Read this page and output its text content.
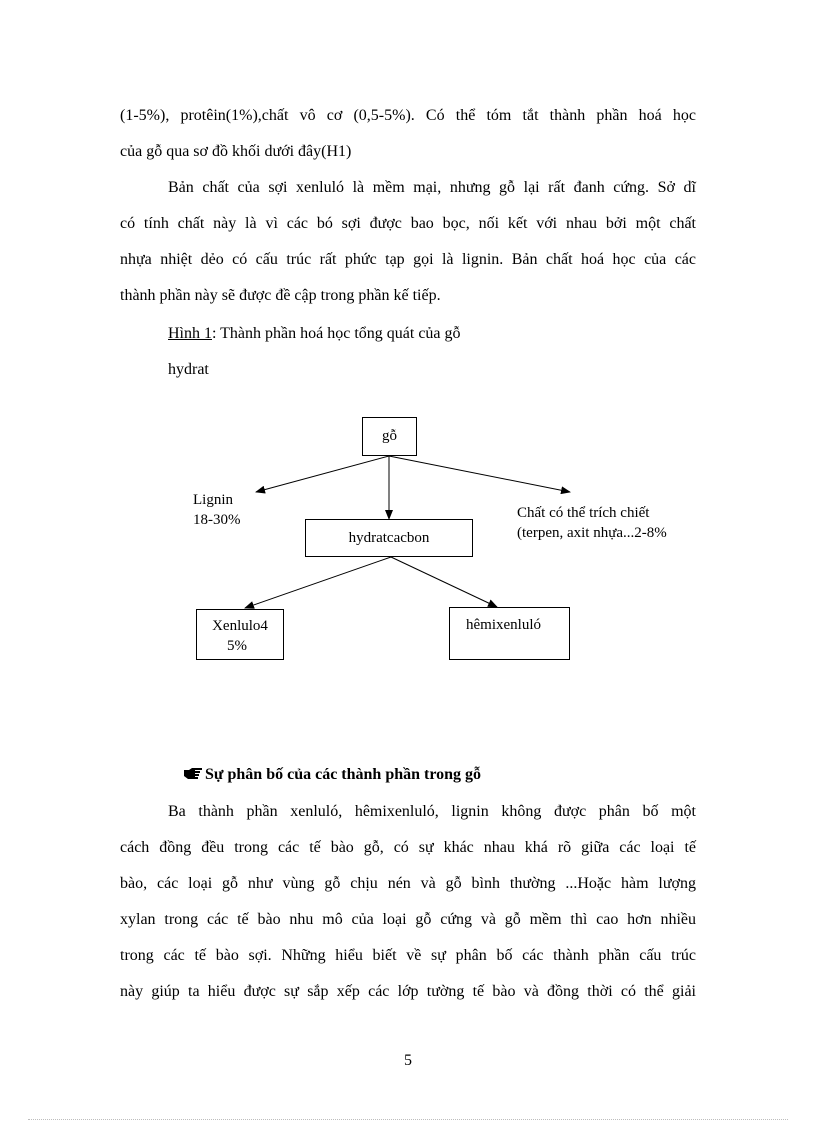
(1-5%), protêin(1%),chất vô cơ (0,5-5%). Có thể tóm tắt thành phần hoá học
của gỗ qua sơ đồ khối dưới đây(H1)
Bản chất của sợi xenluló là mềm mại, nhưng gỗ lại rất đanh cứng. Sở dĩ
có tính chất này là vì các bó sợi được bao bọc, nối kết với nhau bởi một chất
nhựa nhiệt dẻo có cấu trúc rất phức tạp gọi là lignin. Bản chất hoá học của các
thành phần này sẽ được đề cập trong phần kế tiếp.
Hình 1: Thành phần hoá học tổng quát của gỗ
hydrat
gỗ
Lignin
18-30%
hydratcacbon
Chất có thể trích chiết
(terpen, axit nhựa...2-8%
Xenlulo4
5%
hêmixenluló
Sự phân bố của các thành phần trong gỗ
Ba thành phần xenluló, hêmixenluló, lignin không được phân bố một
cách đồng đều trong các tế bào gỗ, có sự khác nhau khá rõ giữa các loại tế
bào, các loại gỗ như vùng gỗ chịu nén và gỗ bình thường ...Hoặc hàm lượng
xylan trong các tế bào nhu mô của loại gỗ cứng và gỗ mềm thì cao hơn nhiều
trong các tế bào sợi. Những hiểu biết về sự phân bố các thành phần cấu trúc
này giúp ta hiểu được sự sắp xếp các lớp tường tế bào và đồng thời có thể giải
5
